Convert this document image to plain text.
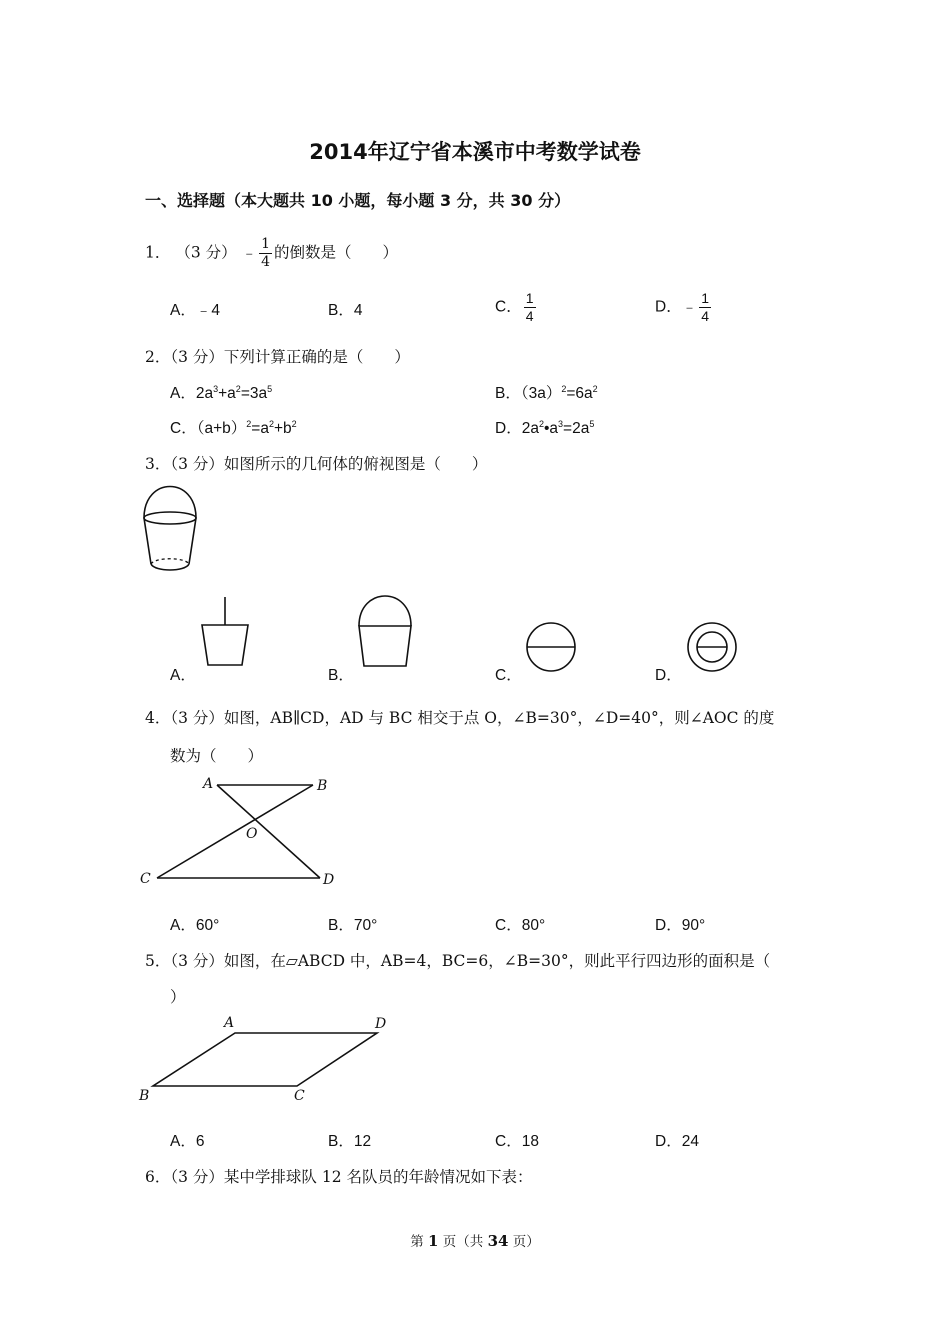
2014年辽宁省本溪市中考数学试卷
一、选择题（本大题共 10 小题，每小题 3 分，共 30 分）
1． （3 分） ﹣ $\frac{1}{4}$ 的倒数是（　　）
A．﹣4	B．4	C． $\frac{1}{4}$	D．﹣ $\frac{1}{4}$
2．（3 分）下列计算正确的是（　　）
A．$2a^3+a^2=3a^5$	B．$(3a)^2=6a^2$
C．$(a+b)^2=a^2+b^2$	D．$2a^2•a^3=2a^5$
3．（3 分）如图所示的几何体的俯视图是（　　）
A．	B．	C．	D．
4．（3 分）如图，AB∥CD，AD 与 BC 相交于点 O，∠B=30°，∠D=40°，则∠AOC 的度
数为（　　）
A	B
O
C	D
A．60°	B．70°	C．80°	D．90°
5．（3 分）如图，在▱ABCD 中，AB=4，BC=6，∠B=30°，则此平行四边形的面积是（
）
A	D
B	C
A．6	B．12	C．18	D．24
6．（3 分）某中学排球队 12 名队员的年龄情况如下表：
第 1 页（共 34 页）
